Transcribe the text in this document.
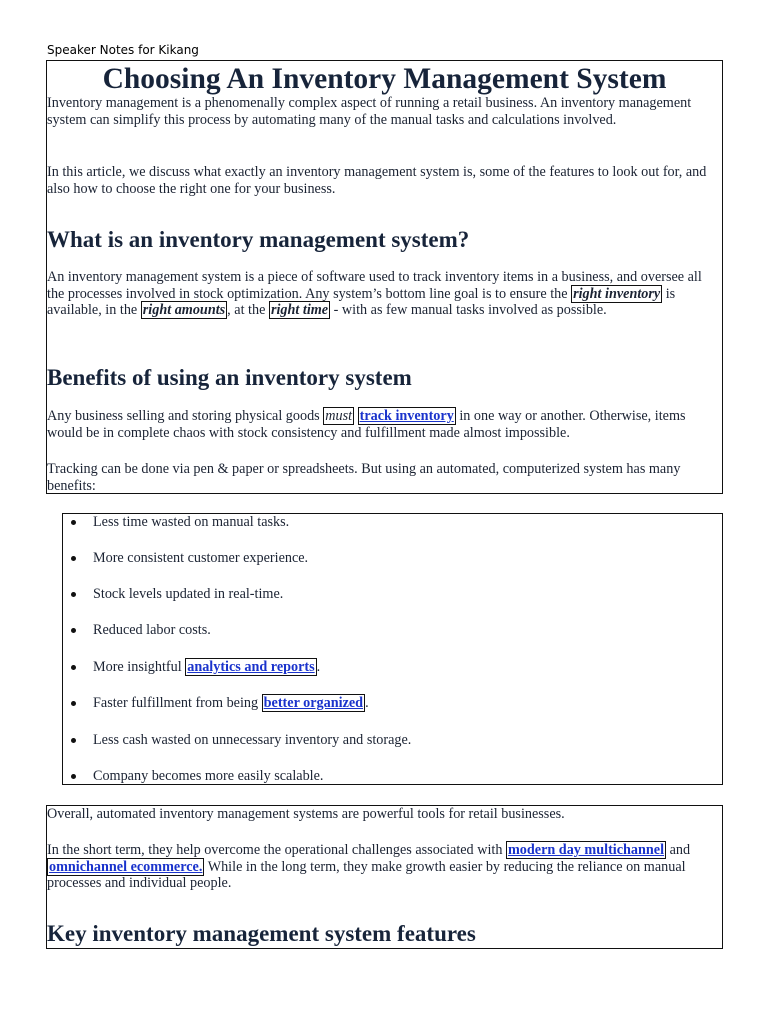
Speaker Notes for Kikang
Choosing An Inventory Management System

Inventory management is a phenomenally complex aspect of running a retail business. An inventory management system can simplify this process by automating many of the manual tasks and calculations involved.

In this article, we discuss what exactly an inventory management system is, some of the features to look out for, and also how to choose the right one for your business.

What is an inventory management system?

An inventory management system is a piece of software used to track inventory items in a business, and oversee all the processes involved in stock optimization. Any system’s bottom line goal is to ensure the right inventory is available, in the right amounts , at the right time - with as few manual tasks involved as possible.

Benefits of using an inventory system

Any business selling and storing physical goods must track inventory in one way or another. Otherwise, items would be in complete chaos with stock consistency and fulfillment made almost impossible.

Tracking can be done via pen & paper or spreadsheets. But using an automated, computerized system has many benefits:

Less time wasted on manual tasks.
More consistent customer experience.
Stock levels updated in real-time.
Reduced labor costs.
More insightful analytics and reports .
Faster fulfillment from being better organized .
Less cash wasted on unnecessary inventory and storage.
Company becomes more easily scalable.

Overall, automated inventory management systems are powerful tools for retail businesses.

In the short term, they help overcome the operational challenges associated with modern day multichannel and omnichannel ecommerce. While in the long term, they make growth easier by reducing the reliance on manual processes and individual people.

Key inventory management system features
